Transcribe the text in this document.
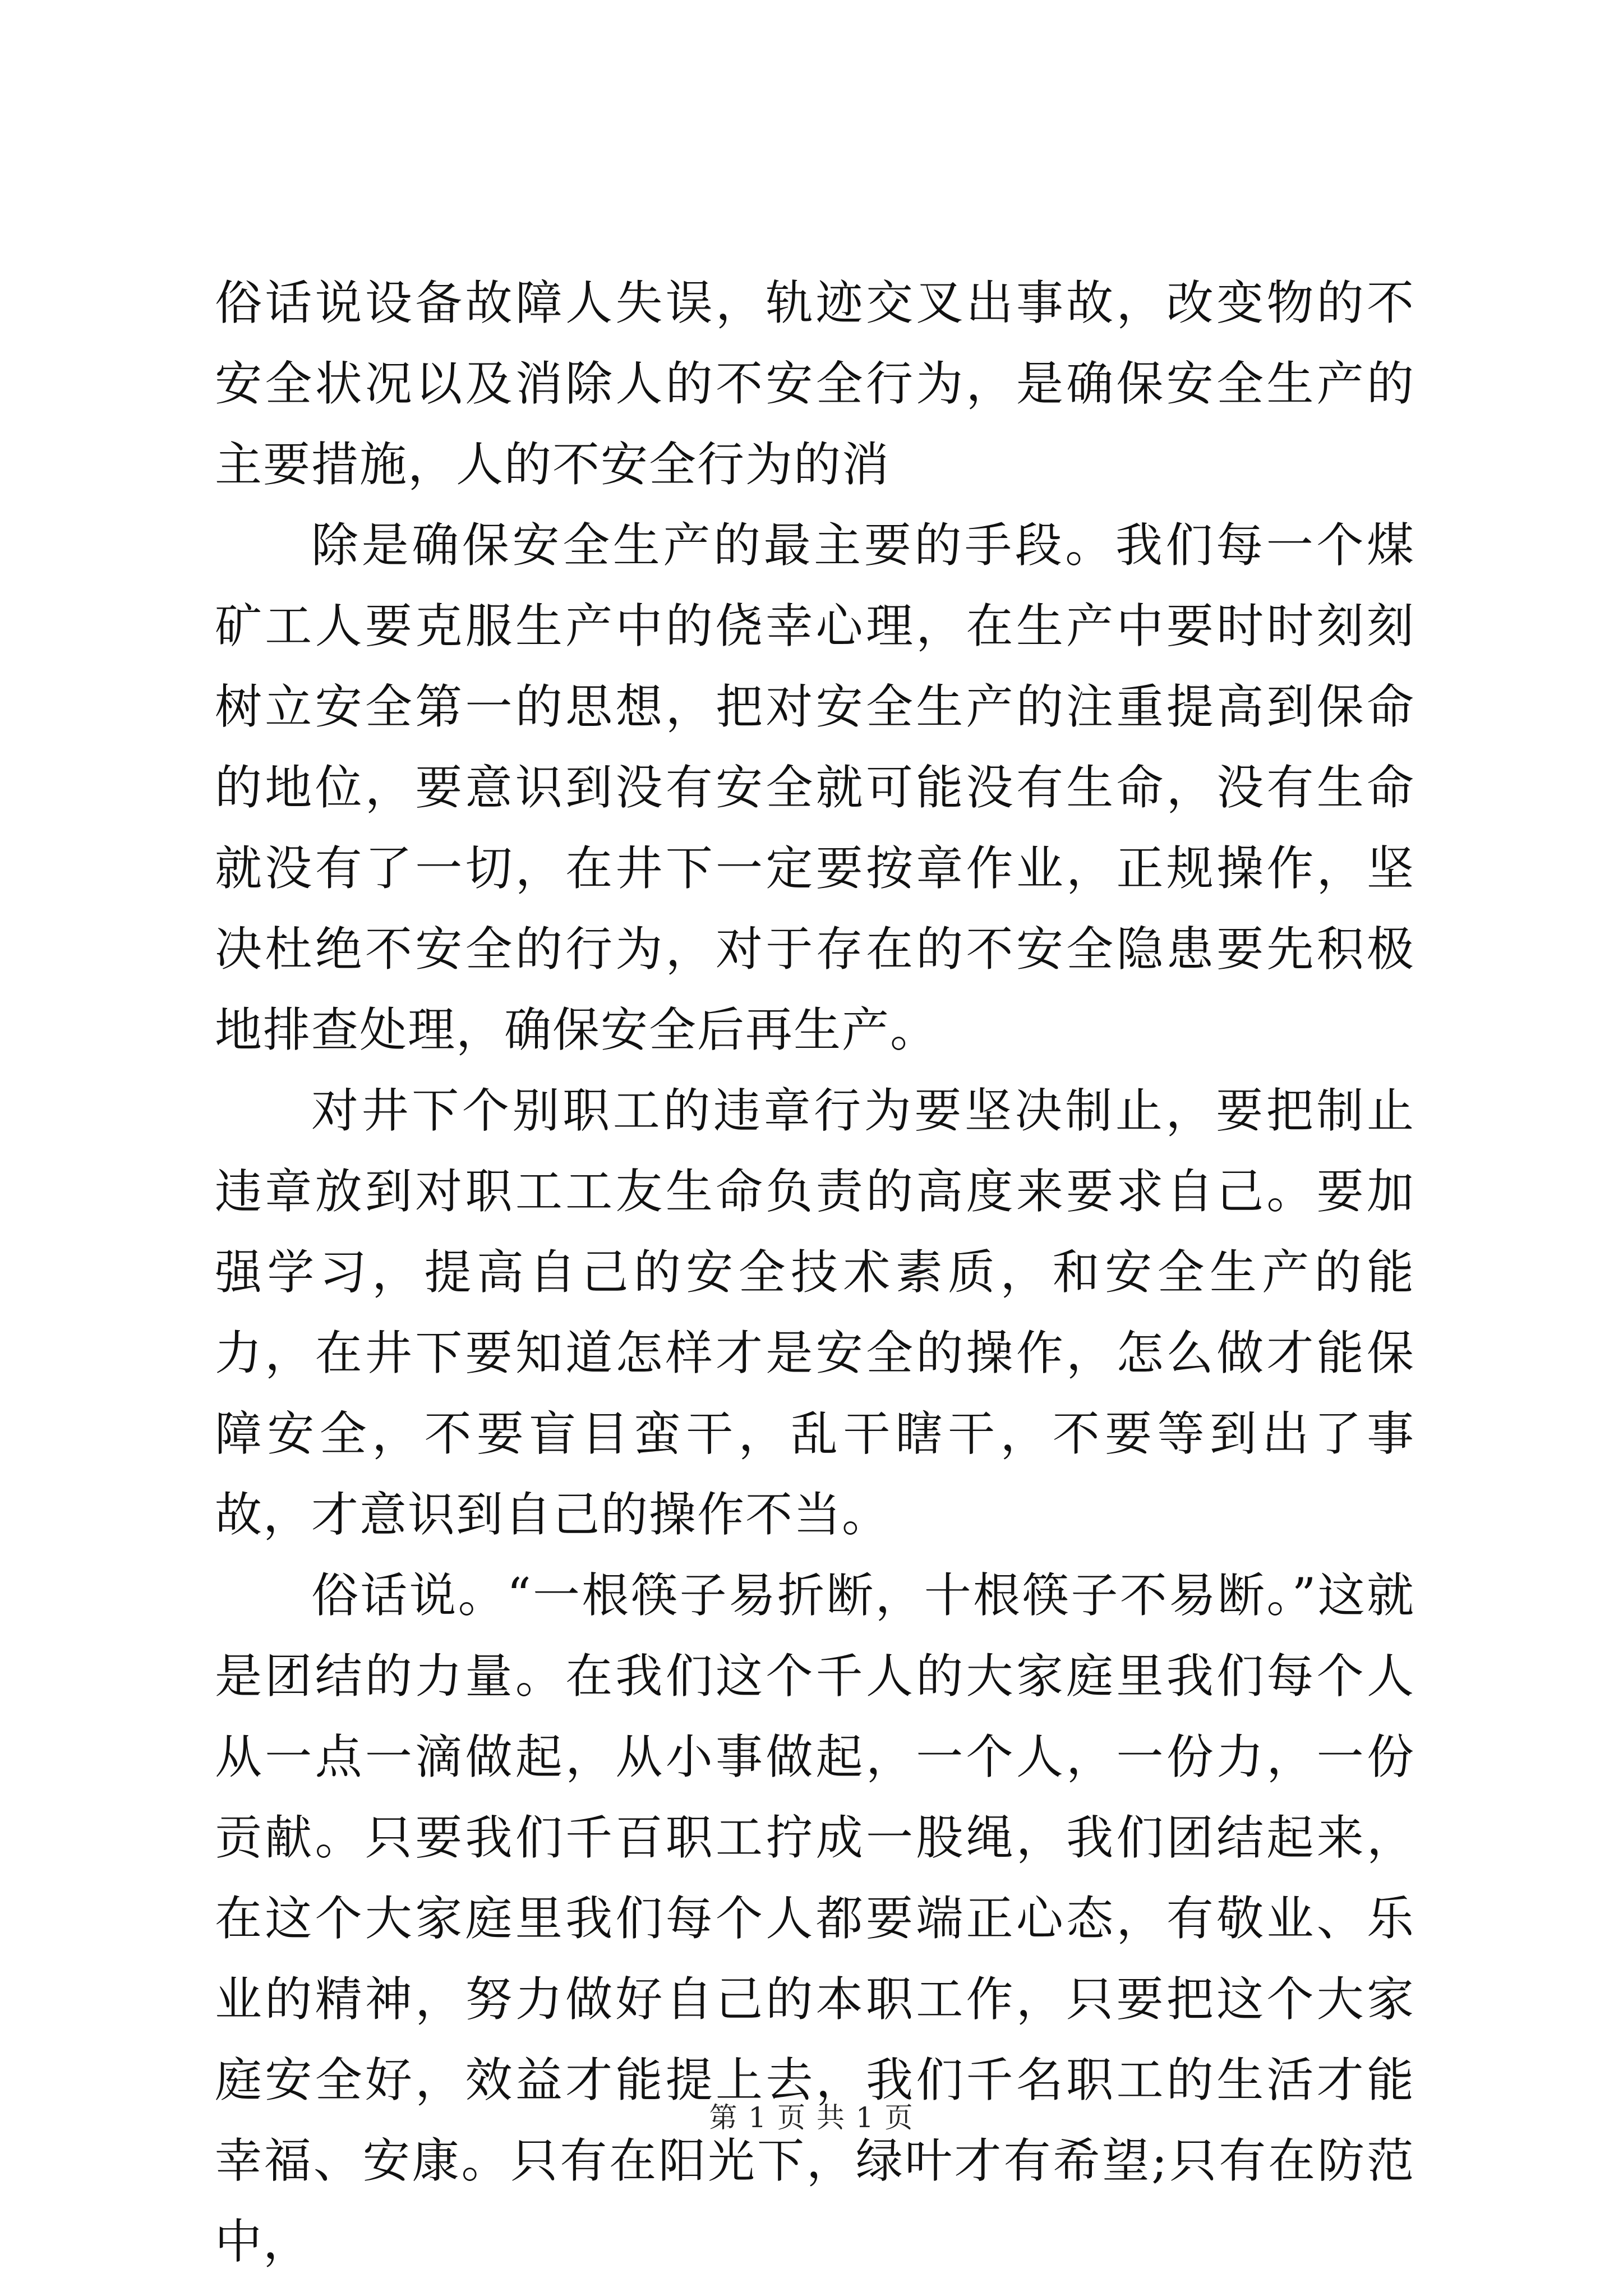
俗话说设备故障人失误，轨迹交叉出事故，改变物的不安全状况以及消除人的不安全行为，是确保安全生产的主要措施，人的不安全行为的消

除是确保安全生产的最主要的手段。我们每一个煤矿工人要克服生产中的侥幸心理，在生产中要时时刻刻树立安全第一的思想，把对安全生产的注重提高到保命的地位，要意识到没有安全就可能没有生命，没有生命就没有了一切，在井下一定要按章作业，正规操作，坚决杜绝不安全的行为，对于存在的不安全隐患要先积极地排查处理，确保安全后再生产。

对井下个别职工的违章行为要坚决制止，要把制止违章放到对职工工友生命负责的高度来要求自己。要加强学习，提高自己的安全技术素质，和安全生产的能力，在井下要知道怎样才是安全的操作，怎么做才能保障安全，不要盲目蛮干，乱干瞎干，不要等到出了事故，才意识到自己的操作不当。

俗话说。“一根筷子易折断，十根筷子不易断。”这就是团结的力量。在我们这个千人的大家庭里我们每个人从一点一滴做起，从小事做起，一个人，一份力，一份贡献。只要我们千百职工拧成一股绳，我们团结起来，在这个大家庭里我们每个人都要端正心态，有敬业、乐业的精神，努力做好自己的本职工作，只要把这个大家庭安全好，效益才能提上去，我们千名职工的生活才能幸福、安康。只有在阳光下，绿叶才有希望;只有在防范中，

第 1 页 共 1 页
